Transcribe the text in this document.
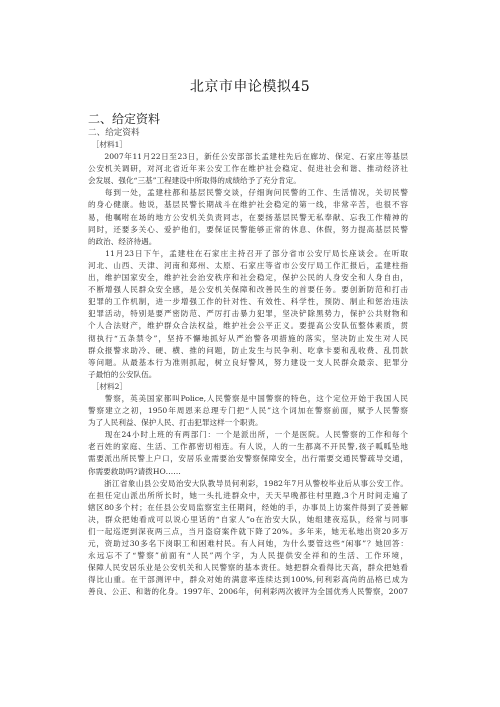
北京市申论模拟45
二、给定资料
二、给定资料
　［材料1］
　　2007年11月22日至23日，新任公安部部长孟建柱先后在廊坊、保定、石家庄等基层
公安机关调研，对河北省近年来公安工作在维护社会稳定、促进社会和谐、推动经济社
会发展、强化“三基”工程建设中所取得的成绩给予了充分肯定。
　　每到一处，孟建柱都和基层民警交谈，仔细询问民警的工作、生活情况，关切民警
的身心健康。他说，基层民警长期战斗在维护社会稳定的第一线，非常辛苦，也很不容
易，他嘱咐在场的地方公安机关负责同志，在要扬基层民警无私奉献、忘我工作精神的
同时，还要多关心、爱护他们，要保证民警能够正常的休息、休假，努力提高基层民警
的政治、经济待遇。
　　11月23日下午，孟建柱在石家庄主持召开了部分省市公安厅局长座谈会。在听取
河北、山西、天津、河南和郑州、太原、石家庄等省市公安厅局工作汇报后，孟建柱指
出，维护国家安全，维护社会治安秩序和社会稳定，保护公民的人身安全和人身自由，
不断增强人民群众安全感，是公安机关保障和改善民生的首要任务。要创新防范和打击
犯罪的工作机制，进一步增强工作的针对性、有效性、科学性，预防、制止和惩治违法
犯罪活动，特别是要严密防范、严厉打击暴力犯罪，坚决铲除黑势力，保护公共财物和
个人合法财产，维护群众合法权益，维护社会公平正义。要提高公安队伍整体素质，贯
彻执行“五条禁令”，坚持不懈地抓好从严治警各项措施的落实，坚决防止发生对人民
群众报警求助冷、硬、横、推的问题，防止发生与民争利、吃拿卡要和乱收费、乱罚款
等问题。从最基本行为准则抓起，树立良好警风，努力建设一支人民群众最亲、犯罪分
子最怕的公安队伍。
　［材料2］
　　警察，英美国家都叫Police,人民警察是中国警察的特色，这个定位开始于我国人民
警察建立之初，1950年周恩来总理专门把“人民”这个词加在警察前面，赋予人民警察
为了人民利益、保护人民、打击犯罪这样一个职责。
　　现在24小时上班的有两部门：一个是派出所，一个是医院。人民警察的工作和每个
老百姓的家庭、生活、工作都密切相连。有人说，人的一生都离不开民警,孩子呱呱坠地
需要派出所民警上户口，安居乐业需要治安警察保障安全，出行需要交通民警疏导交通，
你需要救助吗?请拨HO……
　　浙江省象山县公安局治安大队教导员何利彩，1982年7月从警校毕业后从事公安工作。
在担任定山派出所所长时，她一头扎进群众中，天天早晚都往村里跑,3个月时间走遍了
辖区80多个村；在任县公安局监察室主任期间，经她的手，办事员上访案件得到了妥善解
决，群众把她看成可以说心里话的“自家人”o在治安大队，她组建夜巡队，经常与同事
们一起巡逻到深夜两三点，当月盗窃案件就下降了20%。多年来，她无私地出资20多万
元，资助过30多名下岗职工和困难村民。有人问她，为什么要管这些“闲事”？她回答：
永远忘不了“警察”前面有“人民”两个字，为人民提供安全祥和的生活、工作环境，
保障人民安居乐业是公安机关和人民警察的基本责任。她把群众看得比天高，群众把她看
得比山重。在干部测评中，群众对她的满意率连续达到100%,何利彩高尚的品格已成为
善良、公正、和谐的化身。1997年、2006年，何利彩两次被评为全国优秀人民警察，2007
